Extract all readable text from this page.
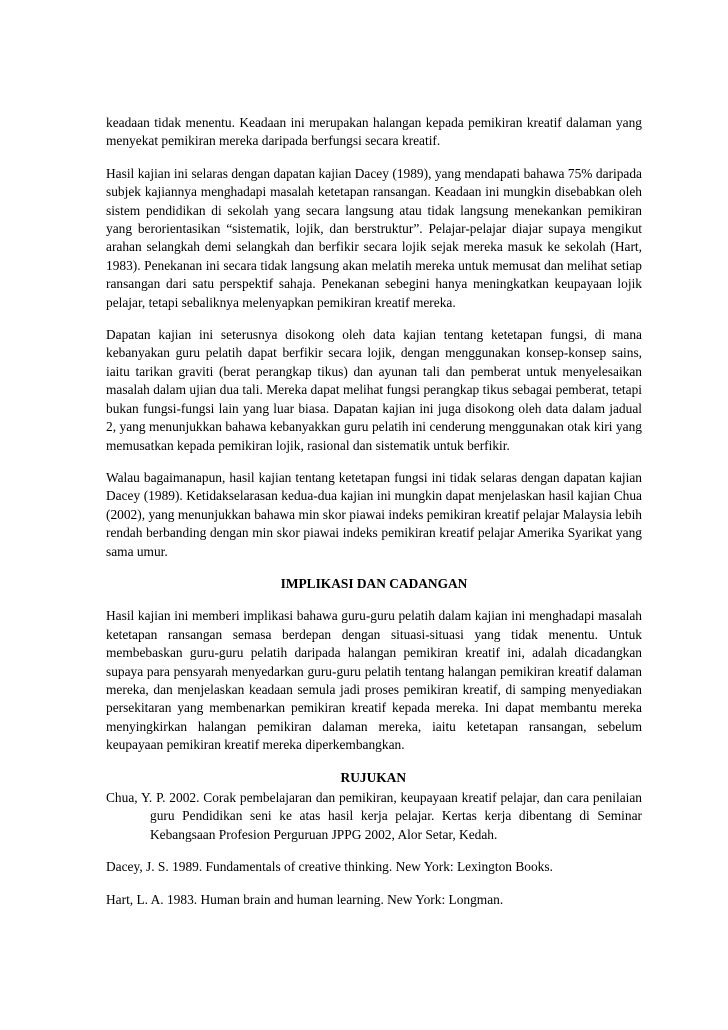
keadaan tidak menentu. Keadaan ini merupakan halangan kepada pemikiran kreatif dalaman yang menyekat pemikiran mereka daripada berfungsi secara kreatif.

Hasil kajian ini selaras dengan dapatan kajian Dacey (1989), yang mendapati bahawa 75% daripada subjek kajiannya menghadapi masalah ketetapan ransangan. Keadaan ini mungkin disebabkan oleh sistem pendidikan di sekolah yang secara langsung atau tidak langsung menekankan pemikiran yang berorientasikan “sistematik, lojik, dan berstruktur”. Pelajar-pelajar diajar supaya mengikut arahan selangkah demi selangkah dan berfikir secara lojik sejak mereka masuk ke sekolah (Hart, 1983). Penekanan ini secara tidak langsung akan melatih mereka untuk memusat dan melihat setiap ransangan dari satu perspektif sahaja. Penekanan sebegini hanya meningkatkan keupayaan lojik pelajar, tetapi sebaliknya melenyapkan pemikiran kreatif mereka.

Dapatan kajian ini seterusnya disokong oleh data kajian tentang ketetapan fungsi, di mana kebanyakan guru pelatih dapat berfikir secara lojik, dengan menggunakan konsep-konsep sains, iaitu tarikan graviti (berat perangkap tikus) dan ayunan tali dan pemberat untuk menyelesaikan masalah dalam ujian dua tali. Mereka dapat melihat fungsi perangkap tikus sebagai pemberat, tetapi bukan fungsi-fungsi lain yang luar biasa. Dapatan kajian ini juga disokong oleh data dalam jadual 2, yang menunjukkan bahawa kebanyakkan guru pelatih ini cenderung menggunakan otak kiri yang memusatkan kepada pemikiran lojik, rasional dan sistematik untuk berfikir.

Walau bagaimanapun, hasil kajian tentang ketetapan fungsi ini tidak selaras dengan dapatan kajian Dacey (1989). Ketidakselarasan kedua-dua kajian ini mungkin dapat menjelaskan hasil kajian Chua (2002), yang menunjukkan bahawa min skor piawai indeks pemikiran kreatif pelajar Malaysia lebih rendah berbanding dengan min skor piawai indeks pemikiran kreatif pelajar Amerika Syarikat yang sama umur.

IMPLIKASI DAN CADANGAN

Hasil kajian ini memberi implikasi bahawa guru-guru pelatih dalam kajian ini menghadapi masalah ketetapan ransangan semasa berdepan dengan situasi-situasi yang tidak menentu. Untuk membebaskan guru-guru pelatih daripada halangan pemikiran kreatif ini, adalah dicadangkan supaya para pensyarah menyedarkan guru-guru pelatih tentang halangan pemikiran kreatif dalaman mereka, dan menjelaskan keadaan semula jadi proses pemikiran kreatif, di samping menyediakan persekitaran yang membenarkan pemikiran kreatif kepada mereka. Ini dapat membantu mereka menyingkirkan halangan pemikiran dalaman mereka, iaitu ketetapan ransangan, sebelum keupayaan pemikiran kreatif mereka diperkembangkan.

RUJUKAN

Chua, Y. P. 2002. Corak pembelajaran dan pemikiran, keupayaan kreatif pelajar, dan cara penilaian guru Pendidikan seni ke atas hasil kerja pelajar. Kertas kerja dibentang di Seminar Kebangsaan Profesion Perguruan JPPG 2002, Alor Setar, Kedah.

Dacey, J. S. 1989. Fundamentals of creative thinking. New York: Lexington Books.

Hart, L. A. 1983. Human brain and human learning. New York: Longman.
